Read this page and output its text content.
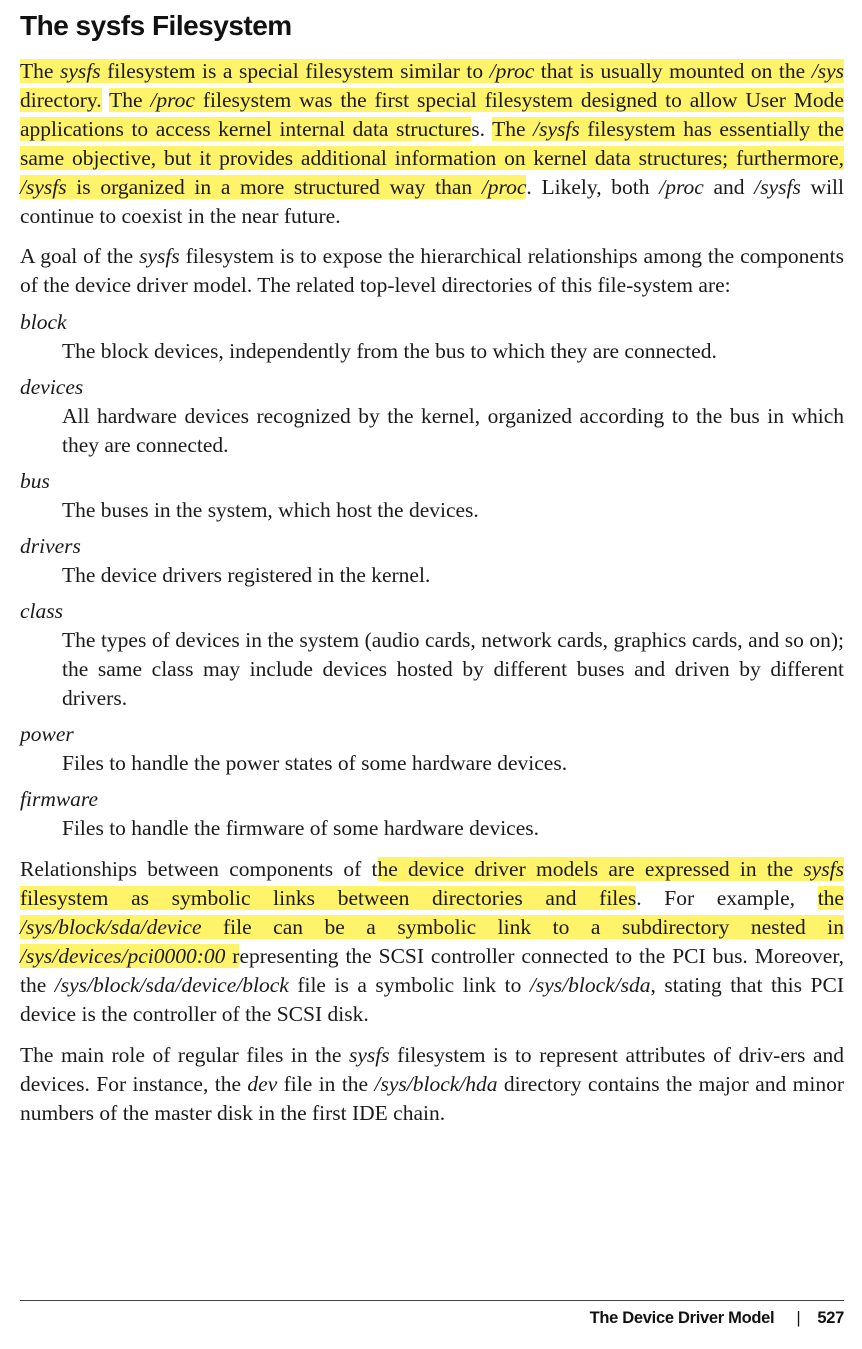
The sysfs Filesystem

The sysfs filesystem is a special filesystem similar to /proc that is usually mounted on the /sys directory. The /proc filesystem was the first special filesystem designed to allow User Mode applications to access kernel internal data structures. The /sysfs filesystem has essentially the same objective, but it provides additional information on kernel data structures; furthermore, /sysfs is organized in a more structured way than /proc. Likely, both /proc and /sysfs will continue to coexist in the near future.

A goal of the sysfs filesystem is to expose the hierarchical relationships among the components of the device driver model. The related top-level directories of this file-system are:

block
The block devices, independently from the bus to which they are connected.
devices
All hardware devices recognized by the kernel, organized according to the bus in which they are connected.
bus
The buses in the system, which host the devices.
drivers
The device drivers registered in the kernel.
class
The types of devices in the system (audio cards, network cards, graphics cards, and so on); the same class may include devices hosted by different buses and driven by different drivers.
power
Files to handle the power states of some hardware devices.
firmware
Files to handle the firmware of some hardware devices.

Relationships between components of the device driver models are expressed in the sysfs filesystem as symbolic links between directories and files. For example, the /sys/block/sda/device file can be a symbolic link to a subdirectory nested in /sys/devices/pci0000:00 representing the SCSI controller connected to the PCI bus. Moreover, the /sys/block/sda/device/block file is a symbolic link to /sys/block/sda, stating that this PCI device is the controller of the SCSI disk.

The main role of regular files in the sysfs filesystem is to represent attributes of driv-ers and devices. For instance, the dev file in the /sys/block/hda directory contains the major and minor numbers of the master disk in the first IDE chain.

The Device Driver Model | 527
